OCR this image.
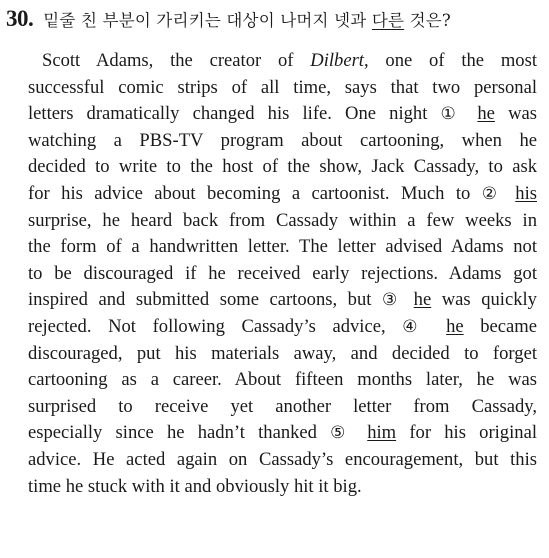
30. 밑줄 친 부분이 가리키는 대상이 나머지 넷과 다른 것은?
Scott Adams, the creator of Dilbert, one of the most
successful comic strips of all time, says that two personal
letters dramatically changed his life. One night ① he was
watching a PBS-TV program about cartooning, when he
decided to write to the host of the show, Jack Cassady, to ask
for his advice about becoming a cartoonist. Much to ② his
surprise, he heard back from Cassady within a few weeks in
the form of a handwritten letter. The letter advised Adams not
to be discouraged if he received early rejections. Adams got
inspired and submitted some cartoons, but ③ he was quickly
rejected. Not following Cassady’s advice, ④ he became
discouraged, put his materials away, and decided to forget
cartooning as a career. About fifteen months later, he was
surprised to receive yet another letter from Cassady,
especially since he hadn’t thanked ⑤ him for his original
advice. He acted again on Cassady’s encouragement, but this
time he stuck with it and obviously hit it big.
